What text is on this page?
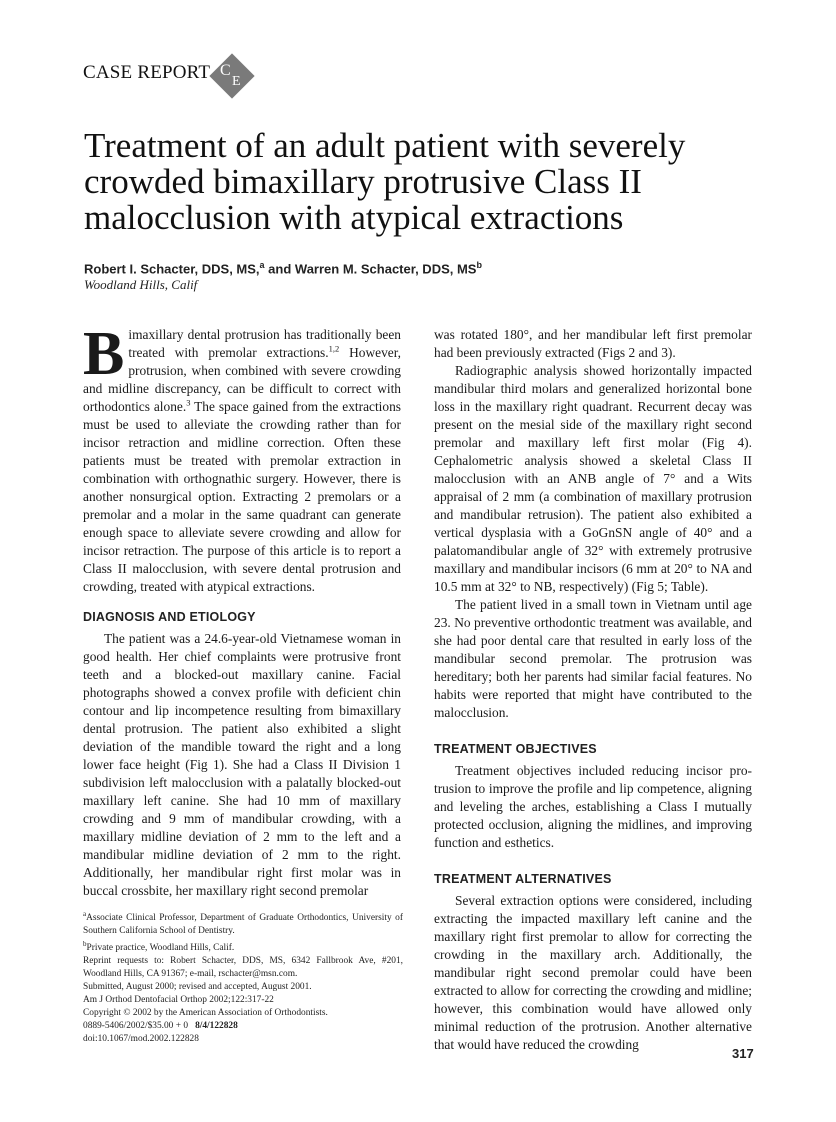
CASE REPORT C
E
Treatment of an adult patient with severely crowded bimaxillary protrusive Class II malocclusion with atypical extractions
Robert I. Schacter, DDS, MS,$^a$ and Warren M. Schacter, DDS, $MS^b$
Woodland Hills, Calif

Bimaxillary dental protrusion has traditionally been treated with premolar extractions.$^{1,2}$ However, protrusion, when combined with severe crowding and midline discrepancy, can be difficult to correct with orthodontics alone.$^3$ The space gained from the extractions must be used to alleviate the crowding rather than for incisor retraction and midline correction. Often these patients must be treated with premolar extraction in combination with orthognathic surgery. However, there is another nonsurgical option. Extracting 2 premolars or a premolar and a molar in the same quadrant can generate enough space to alleviate severe crowding and allow for incisor retraction. The purpose of this article is to report a Class II malocclusion, with severe dental protrusion and crowding, treated with atypical extractions.

DIAGNOSIS AND ETIOLOGY

The patient was a 24.6-year-old Vietnamese woman in good health. Her chief complaints were protrusive front teeth and a blocked-out maxillary canine. Facial photographs showed a convex profile with deficient chin contour and lip incompetence resulting from bimaxillary dental protrusion. The patient also exhibited a slight deviation of the mandible toward the right and a long lower face height (Fig 1). She had a Class II Division 1 subdivision left malocclusion with a palatally blocked-out maxillary left canine. She had 10 mm of maxillary crowding and 9 mm of mandibular crowding, with a maxillary midline deviation of 2 mm to the left and a mandibular midline deviation of 2 mm to the right. Additionally, her mandibular right first molar was in buccal crossbite, her maxillary right second premolar

was rotated 180°, and her mandibular left first premolar had been previously extracted (Figs 2 and 3).

Radiographic analysis showed horizontally impacted mandibular third molars and generalized horizontal bone loss in the maxillary right quadrant. Recurrent decay was present on the mesial side of the maxillary right second premolar and maxillary left first molar (Fig 4). Cephalometric analysis showed a skeletal Class II malocclusion with an ANB angle of 7° and a Wits appraisal of 2 mm (a combination of maxillary protrusion and mandibular retrusion). The patient also exhibited a vertical dysplasia with a GoGnSN angle of 40° and a palatomandibular angle of 32° with extremely protrusive maxillary and mandibular incisors (6 mm at 20° to NA and 10.5 mm at 32° to NB, respectively) (Fig 5; Table).

The patient lived in a small town in Vietnam until age 23. No preventive orthodontic treatment was available, and she had poor dental care that resulted in early loss of the mandibular second premolar. The protrusion was hereditary; both her parents had similar facial features. No habits were reported that might have contributed to the malocclusion.

TREATMENT OBJECTIVES

Treatment objectives included reducing incisor protrusion to improve the profile and lip competence, aligning and leveling the arches, establishing a Class I mutually protected occlusion, aligning the midlines, and improving function and esthetics.

TREATMENT ALTERNATIVES

Several extraction options were considered, including extracting the impacted maxillary left canine and the maxillary right first premolar to allow for correcting the crowding in the maxillary arch. Additionally, the mandibular right second premolar could have been extracted to allow for correcting the crowding and midline; however, this combination would have allowed only minimal reduction of the protrusion. Another alternative that would have reduced the crowding

$^a$Associate Clinical Professor, Department of Graduate Orthodontics, University of Southern California School of Dentistry.
$^b$Private practice, Woodland Hills, Calif.
Reprint requests to: Robert Schacter, DDS, MS, 6342 Fallbrook Ave, #201, Woodland Hills, CA 91367; e-mail, rschacter@msn.com.
Submitted, August 2000; revised and accepted, August 2001.
Am J Orthod Dentofacial Orthop 2002;122:317-22
Copyright © 2002 by the American Association of Orthodontists.
0889-5406/2002/$35.00 + 0 8/4/122828
doi:10.1067/mod.2002.122828
317
